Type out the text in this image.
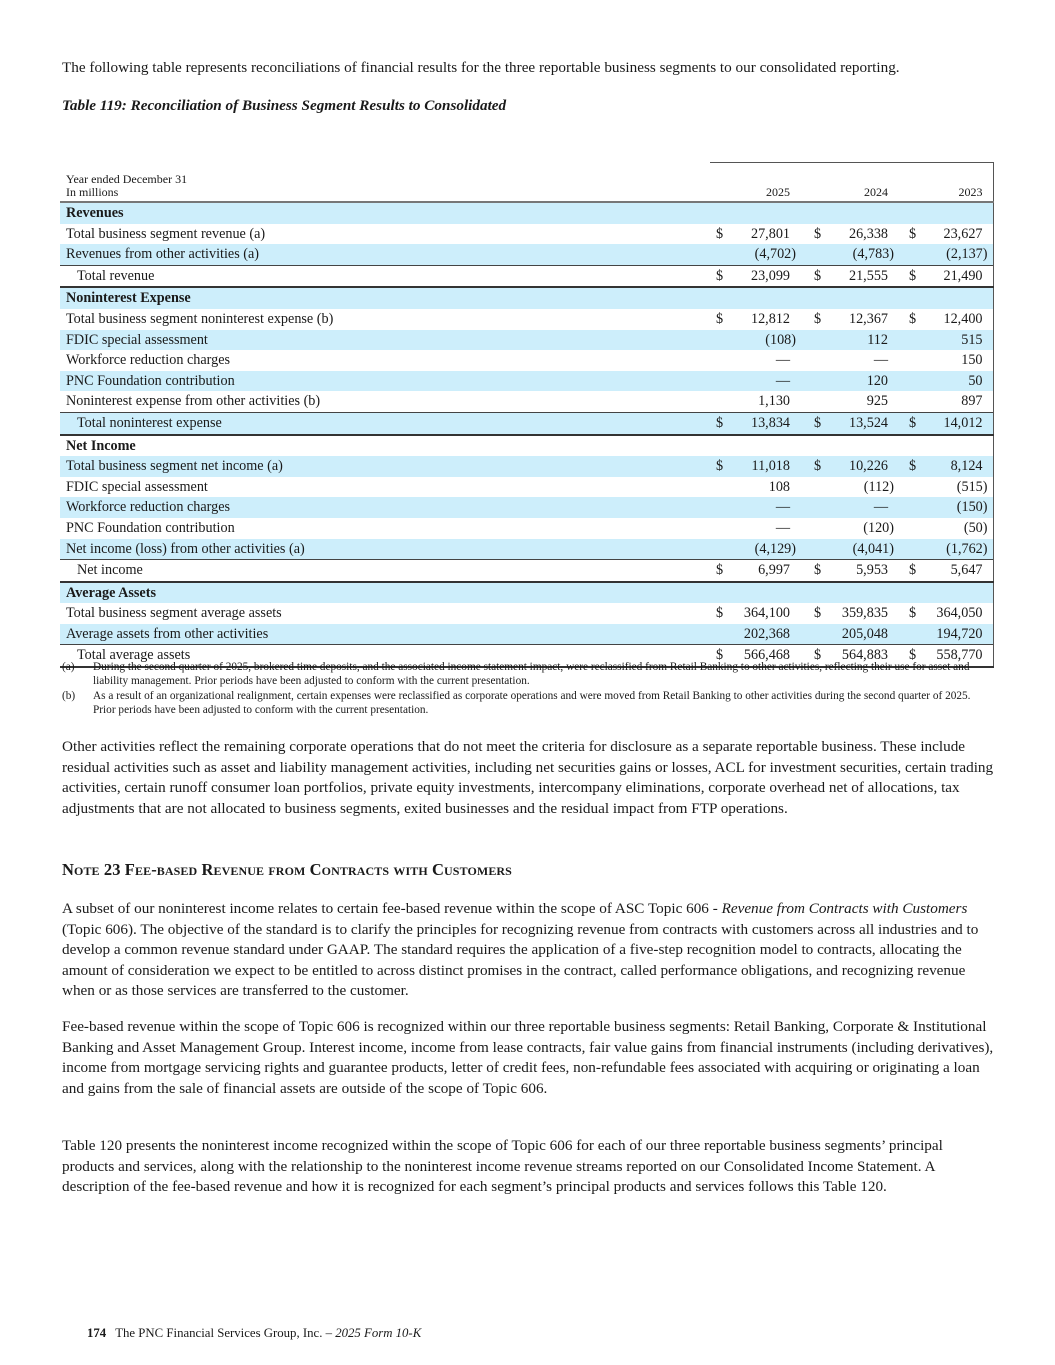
The following table represents reconciliations of financial results for the three reportable business segments to our consolidated reporting.

Table 119: Reconciliation of Business Segment Results to Consolidated

Year ended December 31
In millions	2025		2024		2023	

Revenues						
Total business segment revenue (a)	$	27,801	$	26,338	$	23,627
Revenues from other activities (a)		(4,702)		(4,783)		(2,137)
Total revenue	$	23,099	$	21,555	$	21,490
Noninterest Expense						
Total business segment noninterest expense (b)	$	12,812	$	12,367	$	12,400
FDIC special assessment		(108)		112		515
Workforce reduction charges		—		—		150
PNC Foundation contribution		—		120		50
Noninterest expense from other activities (b)		1,130		925		897
Total noninterest expense	$	13,834	$	13,524	$	14,012
Net Income						
Total business segment net income (a)	$	11,018	$	10,226	$	8,124
FDIC special assessment		108		(112)		(515)
Workforce reduction charges		—		—		(150)
PNC Foundation contribution		—		(120)		(50)
Net income (loss) from other activities (a)		(4,129)		(4,041)		(1,762)
Net income	$	6,997	$	5,953	$	5,647
Average Assets						
Total business segment average assets	$	364,100	$	359,835	$	364,050
Average assets from other activities		202,368		205,048		194,720
Total average assets	$	566,468	$	564,883	$	558,770
(a)	During the second quarter of 2025, brokered time deposits, and the associated income statement impact, were reclassified from Retail Banking to other activities, reflecting their use for asset and liability management. Prior periods have been adjusted to conform with the current presentation.
(b)	As a result of an organizational realignment, certain expenses were reclassified as corporate operations and were moved from Retail Banking to other activities during the second quarter of 2025. Prior periods have been adjusted to conform with the current presentation.

Other activities reflect the remaining corporate operations that do not meet the criteria for disclosure as a separate reportable business. These include residual activities such as asset and liability management activities, including net securities gains or losses, ACL for investment securities, certain trading activities, certain runoff consumer loan portfolios, private equity investments, intercompany eliminations, corporate overhead net of allocations, tax adjustments that are not allocated to business segments, exited businesses and the residual impact from FTP operations.

Note 23 Fee-based Revenue from Contracts with Customers

A subset of our noninterest income relates to certain fee-based revenue within the scope of ASC Topic 606 - Revenue from Contracts with Customers (Topic 606). The objective of the standard is to clarify the principles for recognizing revenue from contracts with customers across all industries and to develop a common revenue standard under GAAP. The standard requires the application of a five-step recognition model to contracts, allocating the amount of consideration we expect to be entitled to across distinct promises in the contract, called performance obligations, and recognizing revenue when or as those services are transferred to the customer.

Fee-based revenue within the scope of Topic 606 is recognized within our three reportable business segments: Retail Banking, Corporate & Institutional Banking and Asset Management Group. Interest income, income from lease contracts, fair value gains from financial instruments (including derivatives), income from mortgage servicing rights and guarantee products, letter of credit fees, non-refundable fees associated with acquiring or originating a loan and gains from the sale of financial assets are outside of the scope of Topic 606.

Table 120 presents the noninterest income recognized within the scope of Topic 606 for each of our three reportable business segments’ principal products and services, along with the relationship to the noninterest income revenue streams reported on our Consolidated Income Statement. A description of the fee-based revenue and how it is recognized for each segment’s principal products and services follows this Table 120.

174 The PNC Financial Services Group, Inc. – 2025 Form 10-K
